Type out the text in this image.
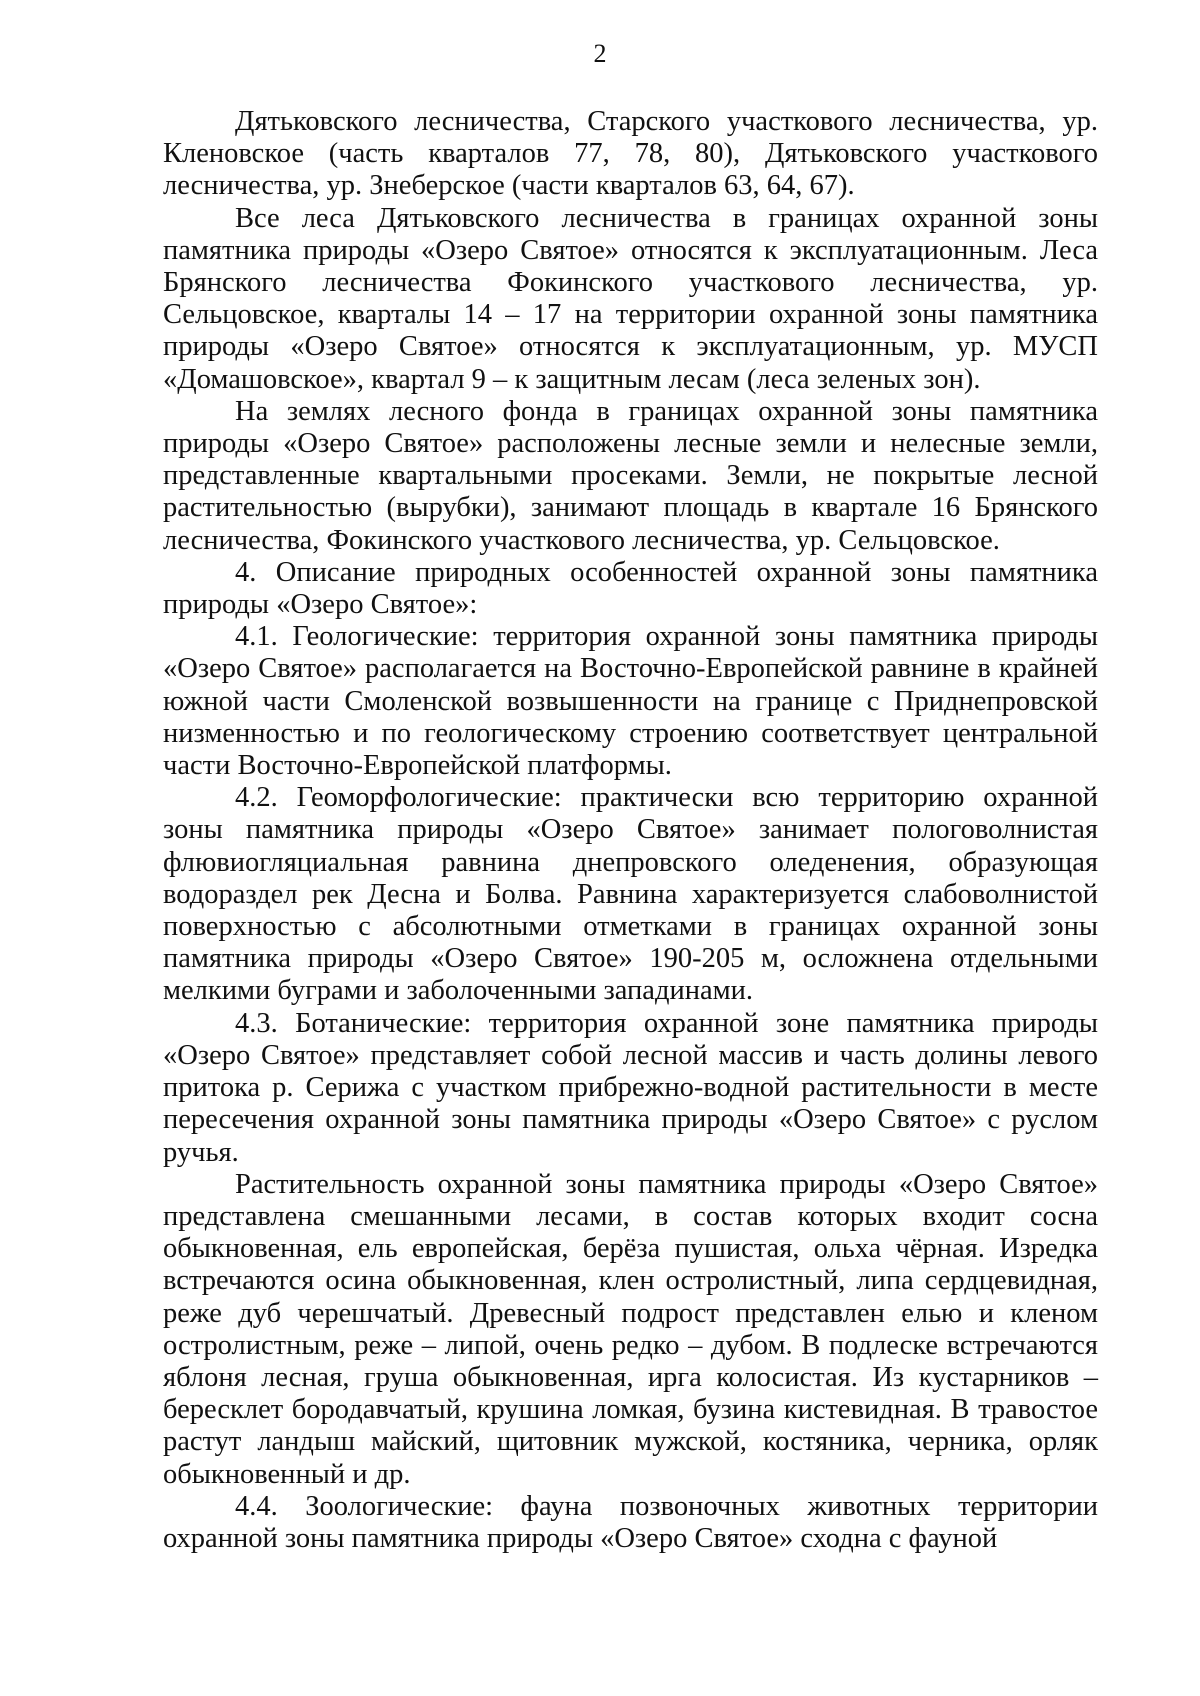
2

Дятьковского лесничества, Старского участкового лесничества, ур. Кленовское (часть кварталов 77, 78, 80), Дятьковского участкового лесничества, ур. Знеберское (части кварталов 63, 64, 67).

Все леса Дятьковского лесничества в границах охранной зоны памятника природы «Озеро Святое» относятся к эксплуатационным. Леса Брянского лесничества Фокинского участкового лесничества, ур. Сельцовское, кварталы 14 – 17 на территории охранной зоны памятника природы «Озеро Святое» относятся к эксплуатационным, ур. МУСП «Домашовское», квартал 9 – к защитным лесам (леса зеленых зон).

На землях лесного фонда в границах охранной зоны памятника природы «Озеро Святое» расположены лесные земли и нелесные земли, представленные квартальными просеками. Земли, не покрытые лесной растительностью (вырубки), занимают площадь в квартале 16 Брянского лесничества, Фокинского участкового лесничества, ур. Сельцовское.

4. Описание природных особенностей охранной зоны памятника природы «Озеро Святое»:

4.1. Геологические: территория охранной зоны памятника природы «Озеро Святое» располагается на Восточно-Европейской равнине в крайней южной части Смоленской возвышенности на границе с Приднепровской низменностью и по геологическому строению соответствует центральной части Восточно-Европейской платформы.

4.2. Геоморфологические: практически всю территорию охранной зоны памятника природы «Озеро Святое» занимает пологоволнистая флювиогляциальная равнина днепровского оледенения, образующая водораздел рек Десна и Болва. Равнина характеризуется слабоволнистой поверхностью с абсолютными отметками в границах охранной зоны памятника природы «Озеро Святое» 190-205 м, осложнена отдельными мелкими буграми и заболоченными западинами.

4.3. Ботанические: территория охранной зоне памятника природы «Озеро Святое» представляет собой лесной массив и часть долины левого притока р. Серижа с участком прибрежно-водной растительности в месте пересечения охранной зоны памятника природы «Озеро Святое» с руслом ручья.

Растительность охранной зоны памятника природы «Озеро Святое» представлена смешанными лесами, в состав которых входит сосна обыкновенная, ель европейская, берёза пушистая, ольха чёрная. Изредка встречаются осина обыкновенная, клен остролистный, липа сердцевидная, реже дуб черешчатый. Древесный подрост представлен елью и кленом остролистным, реже – липой, очень редко – дубом. В подлеске встречаются яблоня лесная, груша обыкновенная, ирга колосистая. Из кустарников – бересклет бородавчатый, крушина ломкая, бузина кистевидная. В травостое растут ландыш майский, щитовник мужской, костяника, черника, орляк обыкновенный и др.

4.4. Зоологические: фауна позвоночных животных территории охранной зоны памятника природы «Озеро Святое» сходна с фауной
